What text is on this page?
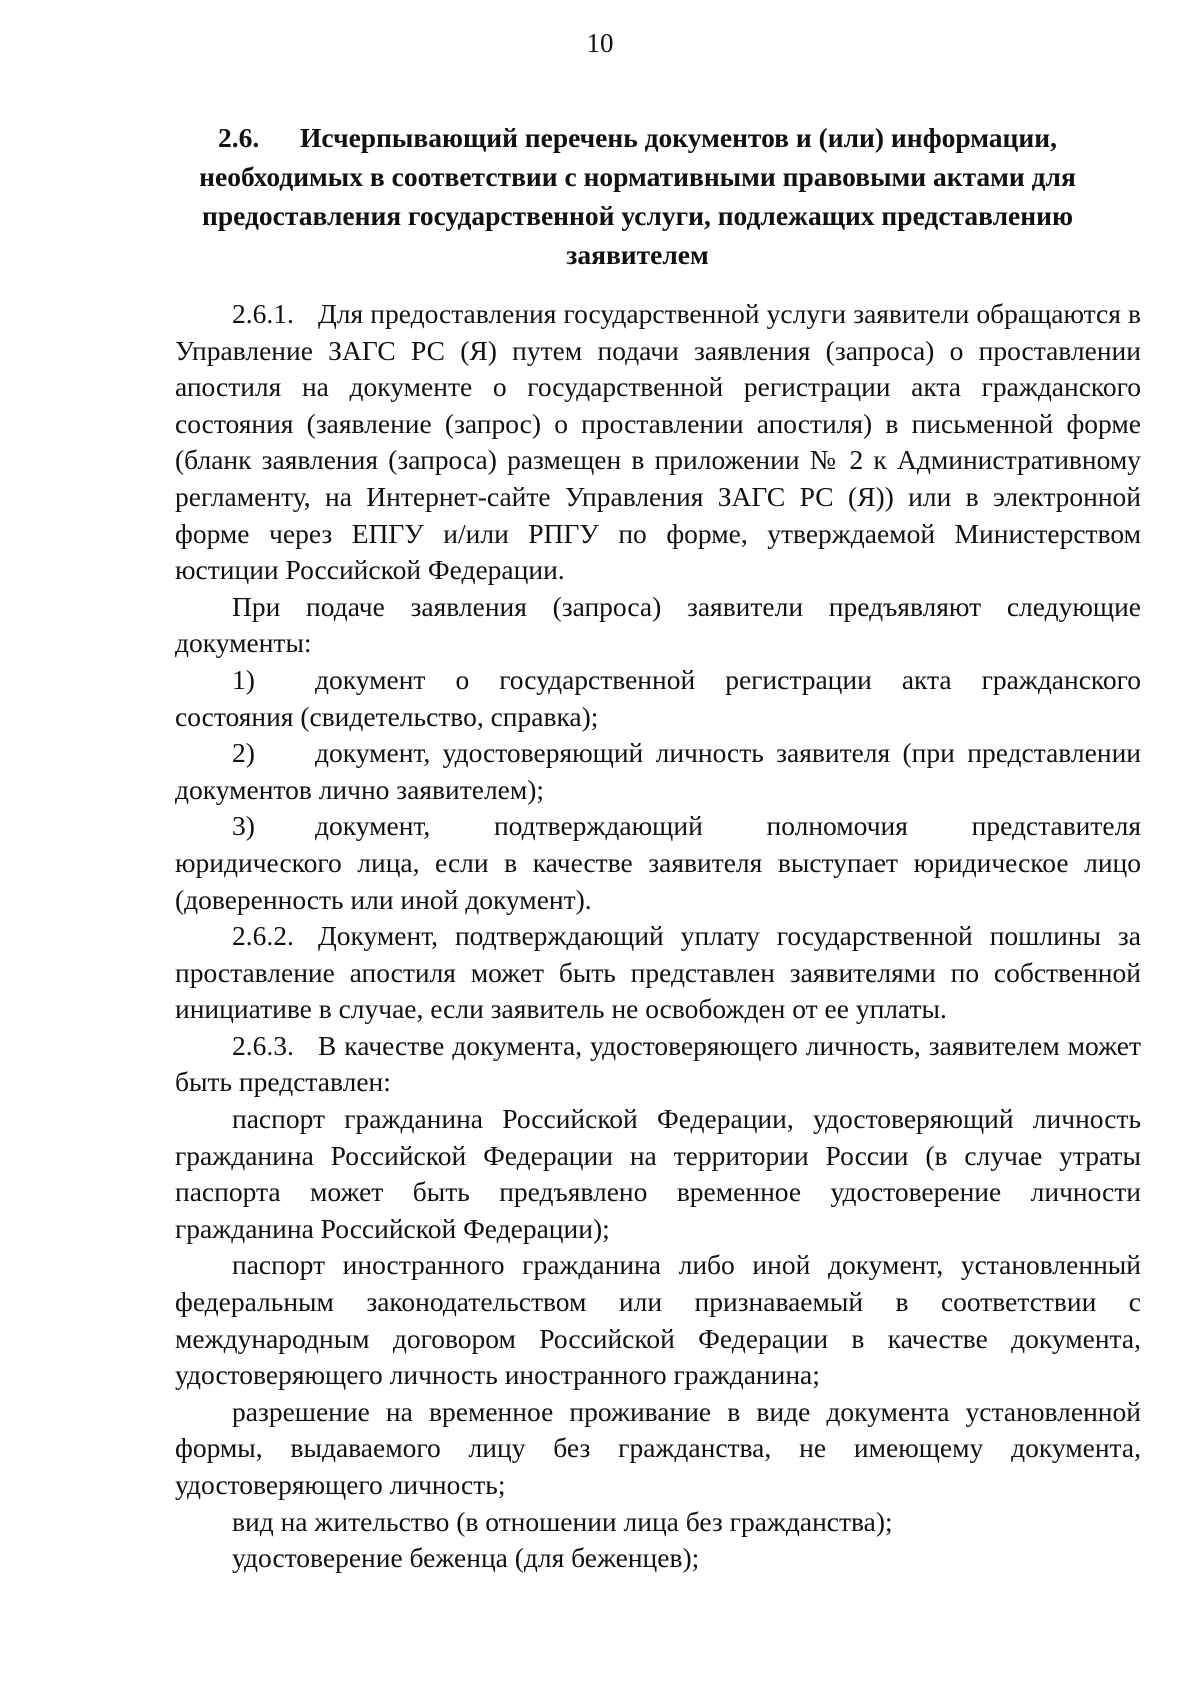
10
2.6. Исчерпывающий перечень документов и (или) информации, необходимых в соответствии с нормативными правовыми актами для предоставления государственной услуги, подлежащих представлению заявителем

2.6.1. Для предоставления государственной услуги заявители обращаются в Управление ЗАГС РС (Я) путем подачи заявления (запроса) о проставлении апостиля на документе о государственной регистрации акта гражданского состояния (заявление (запрос) о проставлении апостиля) в письменной форме (бланк заявления (запроса) размещен в приложении № 2 к Административному регламенту, на Интернет-сайте Управления ЗАГС РС (Я)) или в электронной форме через ЕПГУ и/или РПГУ по форме, утверждаемой Министерством юстиции Российской Федерации.

При подаче заявления (запроса) заявители предъявляют следующие документы:

1) документ о государственной регистрации акта гражданского состояния (свидетельство, справка);

2) документ, удостоверяющий личность заявителя (при представлении документов лично заявителем);

3) документ, подтверждающий полномочия представителя юридического лица, если в качестве заявителя выступает юридическое лицо (доверенность или иной документ).

2.6.2. Документ, подтверждающий уплату государственной пошлины за проставление апостиля может быть представлен заявителями по собственной инициативе в случае, если заявитель не освобожден от ее уплаты.

2.6.3. В качестве документа, удостоверяющего личность, заявителем может быть представлен:

паспорт гражданина Российской Федерации, удостоверяющий личность гражданина Российской Федерации на территории России (в случае утраты паспорта может быть предъявлено временное удостоверение личности гражданина Российской Федерации);

паспорт иностранного гражданина либо иной документ, установленный федеральным законодательством или признаваемый в соответствии с международным договором Российской Федерации в качестве документа, удостоверяющего личность иностранного гражданина;

разрешение на временное проживание в виде документа установленной формы, выдаваемого лицу без гражданства, не имеющему документа, удостоверяющего личность;

вид на жительство (в отношении лица без гражданства);

удостоверение беженца (для беженцев);
